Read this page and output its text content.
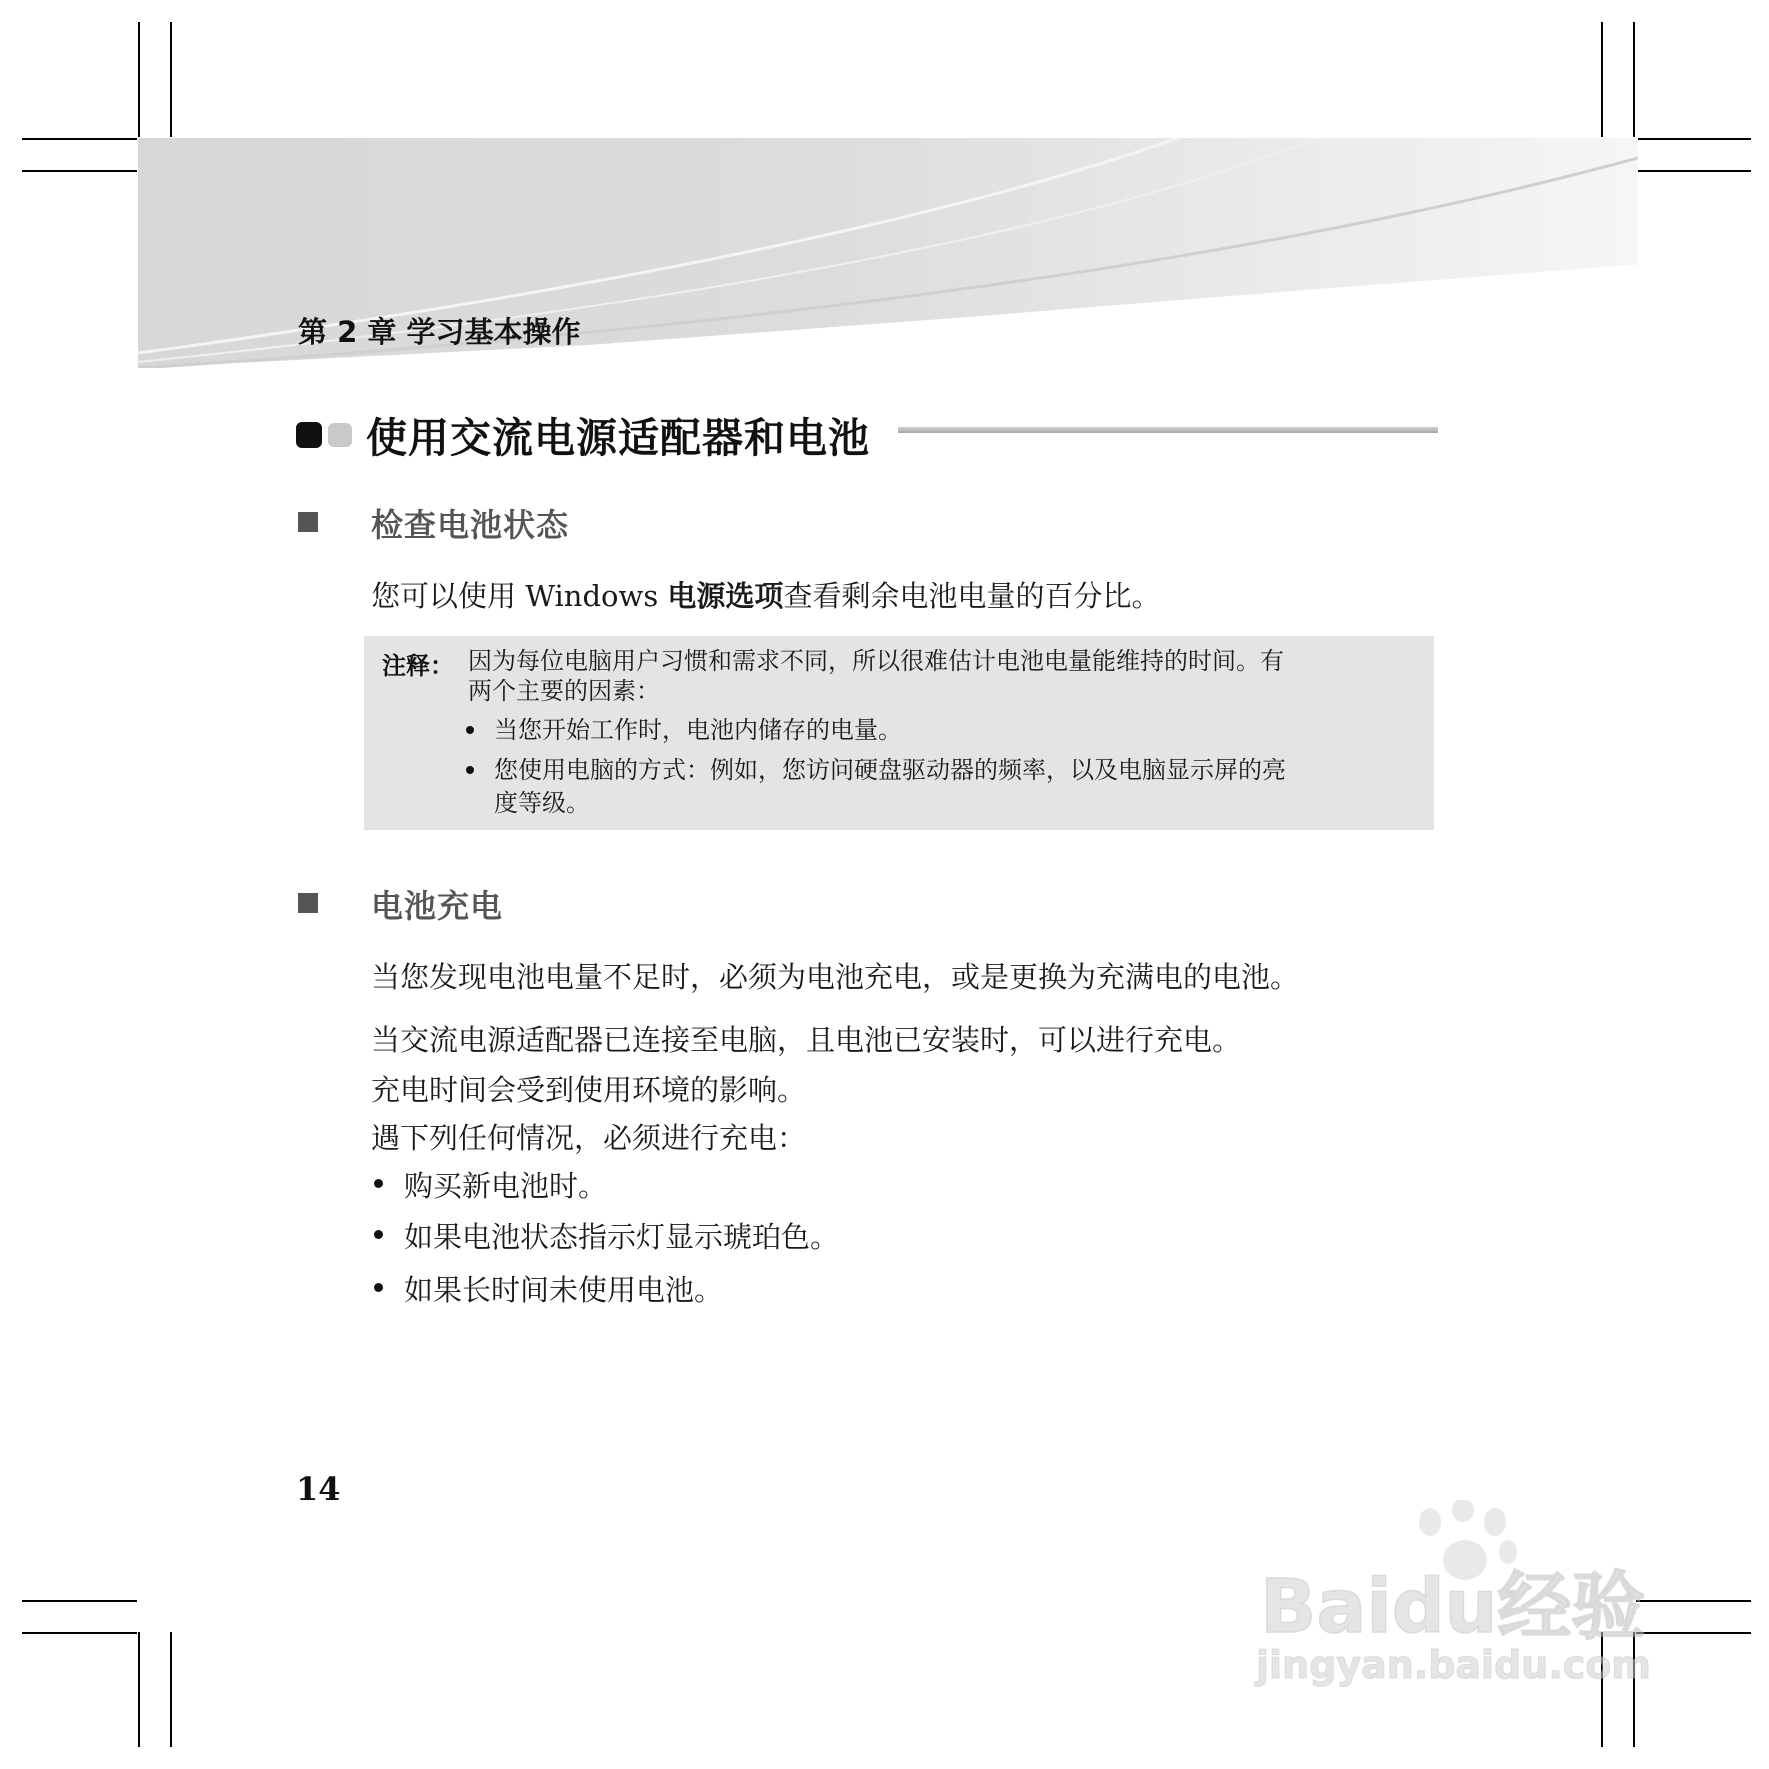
第 2 章 学习基本操作
使用交流电源适配器和电池
检查电池状态
您可以使用 Windows 电源选项查看剩余电池电量的百分比。
注释： 因为每位电脑用户习惯和需求不同，所以很难估计电池电量能维持的时间。有
两个主要的因素：
当您开始工作时，电池内储存的电量。
您使用电脑的方式：例如，您访问硬盘驱动器的频率，以及电脑显示屏的亮
度等级。
电池充电
当您发现电池电量不足时，必须为电池充电，或是更换为充满电的电池。
当交流电源适配器已连接至电脑，且电池已安装时，可以进行充电。
充电时间会受到使用环境的影响。
遇下列任何情况，必须进行充电：
购买新电池时。
如果电池状态指示灯显示琥珀色。
如果长时间未使用电池。
14
Baidu经验
jingyan.baidu.com
